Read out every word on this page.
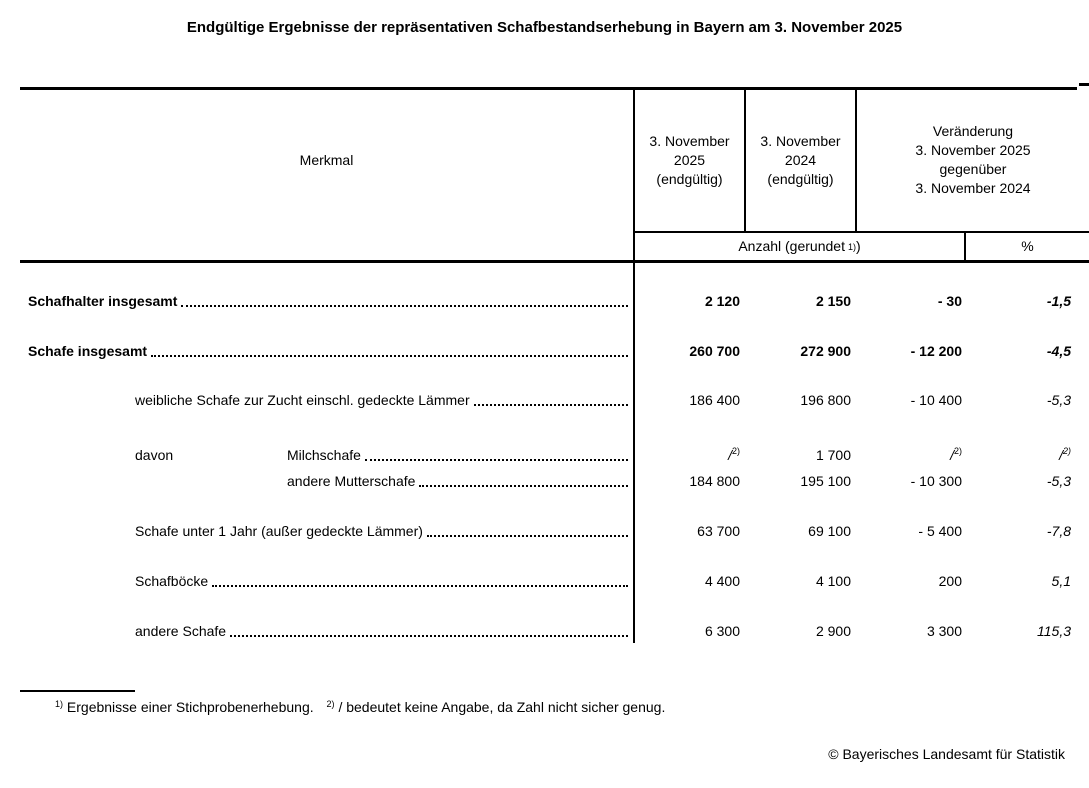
Endgültige Ergebnisse der repräsentativen Schafbestandserhebung in Bayern am 3. November 2025
Merkmal
3. November
2025
(endgültig)
3. November
2024
(endgültig)
Veränderung
3. November 2025
gegenüber
3. November 2024
Anzahl (gerundet 1) )	%
$^{1)}$ Ergebnisse einer Stichprobenerhebung. $^{2)}$ / bedeutet keine Angabe, da Zahl nicht sicher genug.
© Bayerisches Landesamt für Statistik
Schafhalter insgesamt	2 120	2 150	- 30	-1,5
Schafe insgesamt	260 700	272 900	- 12 200	-4,5
weibliche Schafe zur Zucht einschl. gedeckte Lämmer	186 400	196 800	- 10 400	-5,3
davon	Milchschafe	/$^{2)}$	1 700	/$^{2)}$	/$^{2)}$
andere Mutterschafe	184 800	195 100	- 10 300	-5,3
Schafe unter 1 Jahr (außer gedeckte Lämmer)	63 700	69 100	- 5 400	-7,8
Schafböcke	4 400	4 100	200	5,1
andere Schafe	6 300	2 900	3 300	115,3
